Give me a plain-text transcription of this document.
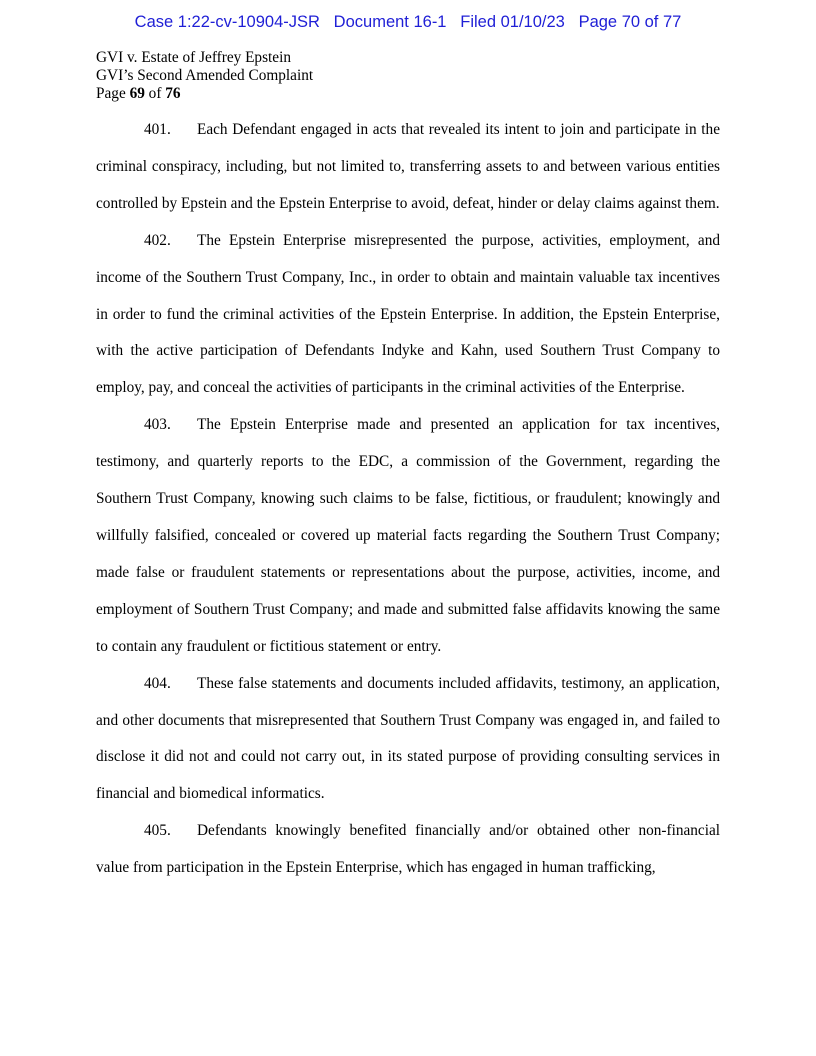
Case 1:22-cv-10904-JSR   Document 16-1   Filed 01/10/23   Page 70 of 77
GVI v. Estate of Jeffrey Epstein
GVI’s Second Amended Complaint
Page 69 of 76

401. Each Defendant engaged in acts that revealed its intent to join and participate in the criminal conspiracy, including, but not limited to, transferring assets to and between various entities controlled by Epstein and the Epstein Enterprise to avoid, defeat, hinder or delay claims against them.

402. The Epstein Enterprise misrepresented the purpose, activities, employment, and income of the Southern Trust Company, Inc., in order to obtain and maintain valuable tax incentives in order to fund the criminal activities of the Epstein Enterprise. In addition, the Epstein Enterprise, with the active participation of Defendants Indyke and Kahn, used Southern Trust Company to employ, pay, and conceal the activities of participants in the criminal activities of the Enterprise.

403. The Epstein Enterprise made and presented an application for tax incentives, testimony, and quarterly reports to the EDC, a commission of the Government, regarding the Southern Trust Company, knowing such claims to be false, fictitious, or fraudulent; knowingly and willfully falsified, concealed or covered up material facts regarding the Southern Trust Company; made false or fraudulent statements or representations about the purpose, activities, income, and employment of Southern Trust Company; and made and submitted false affidavits knowing the same to contain any fraudulent or fictitious statement or entry.

404. These false statements and documents included affidavits, testimony, an application, and other documents that misrepresented that Southern Trust Company was engaged in, and failed to disclose it did not and could not carry out, in its stated purpose of providing consulting services in financial and biomedical informatics.

405. Defendants knowingly benefited financially and/or obtained other non-financial value from participation in the Epstein Enterprise, which has engaged in human trafficking,
